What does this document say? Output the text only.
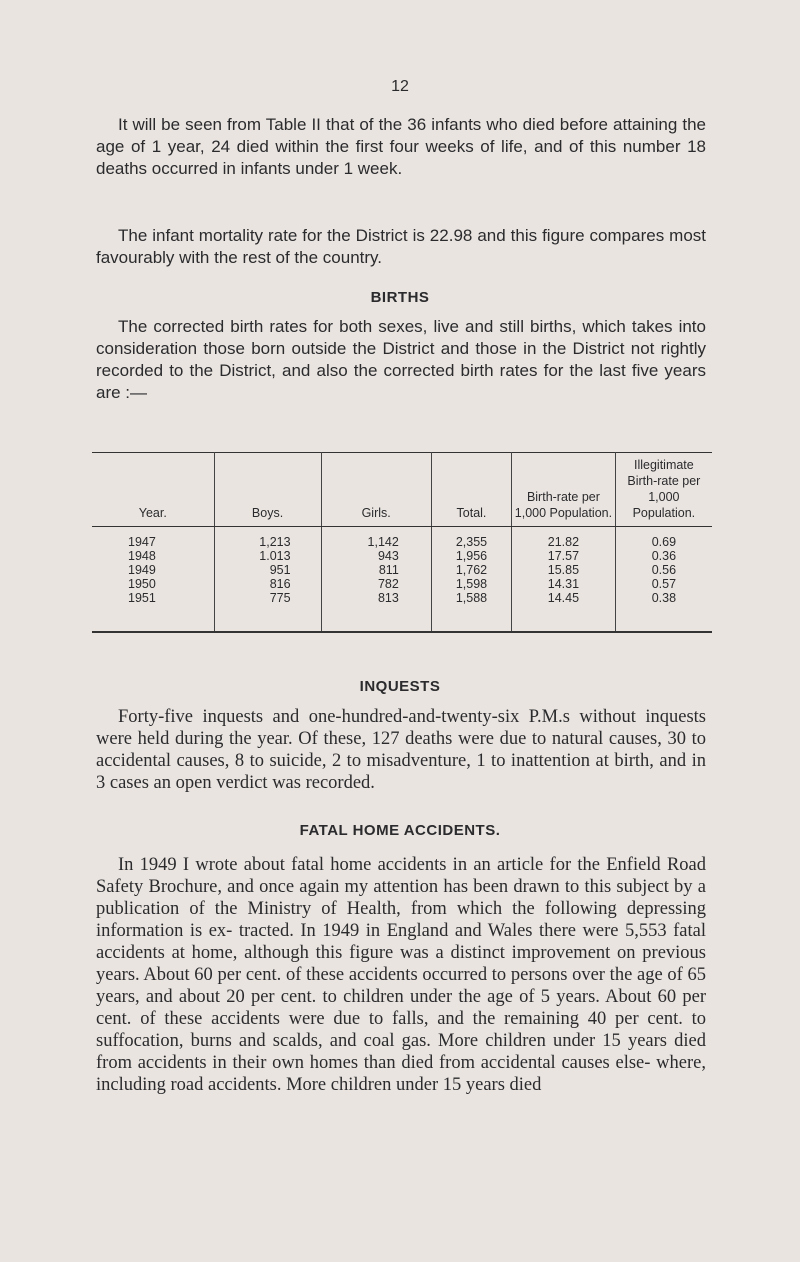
12

It will be seen from Table II that of the 36 infants who died before attaining the age of 1 year, 24 died within the first four weeks of life, and of this number 18 deaths occurred in infants under 1 week.

The infant mortality rate for the District is 22.98 and this figure compares most favourably with the rest of the country.

BIRTHS

The corrected birth rates for both sexes, live and still births, which takes into consideration those born outside the District and those in the District not rightly recorded to the District, and also the corrected birth rates for the last five years are :—

Year.	Boys.	Girls.	Total.	Birth-rate per 1,000 Population.	Illegitimate Birth-rate per 1,000 Population.
1947	1,213	1,142	2,355	21.82	0.69
1948	1.013	943	1,956	17.57	0.36
1949	951	811	1,762	15.85	0.56
1950	816	782	1,598	14.31	0.57
1951	775	813	1,588	14.45	0.38
INQUESTS

Forty-five inquests and one-hundred-and-twenty-six P.M.s without inquests were held during the year. Of these, 127 deaths were due to natural causes, 30 to accidental causes, 8 to suicide, 2 to misadventure, 1 to inattention at birth, and in 3 cases an open verdict was recorded.

FATAL HOME ACCIDENTS.

In 1949 I wrote about fatal home accidents in an article for the Enfield Road Safety Brochure, and once again my attention has been drawn to this subject by a publication of the Ministry of Health, from which the following depressing information is ex- tracted. In 1949 in England and Wales there were 5,553 fatal accidents at home, although this figure was a distinct improvement on previous years. About 60 per cent. of these accidents occurred to persons over the age of 65 years, and about 20 per cent. to children under the age of 5 years. About 60 per cent. of these accidents were due to falls, and the remaining 40 per cent. to suffocation, burns and scalds, and coal gas. More children under 15 years died from accidents in their own homes than died from accidental causes else- where, including road accidents. More children under 15 years died
